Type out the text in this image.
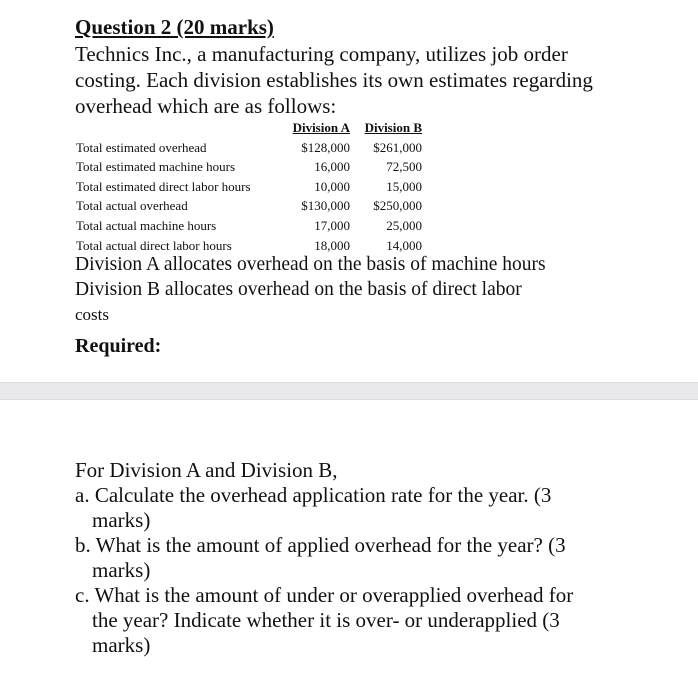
Question 2 (20 marks)
Technics Inc., a manufacturing company, utilizes job order
costing. Each division establishes its own estimates regarding
overhead which are as follows:
	Division A	Division B
Total estimated overhead	$128,000	$261,000
Total estimated machine hours	16,000	72,500
Total estimated direct labor hours	10,000	15,000
Total actual overhead	$130,000	$250,000
Total actual machine hours	17,000	25,000
Total actual direct labor hours	18,000	14,000
Division A allocates overhead on the basis of machine hours
Division B allocates overhead on the basis of direct labor
costs
Required:
For Division A and Division B,
a. Calculate the overhead application rate for the year. (3
marks)
b. What is the amount of applied overhead for the year? (3
marks)
c. What is the amount of under or overapplied overhead for
the year? Indicate whether it is over- or underapplied (3
marks)
